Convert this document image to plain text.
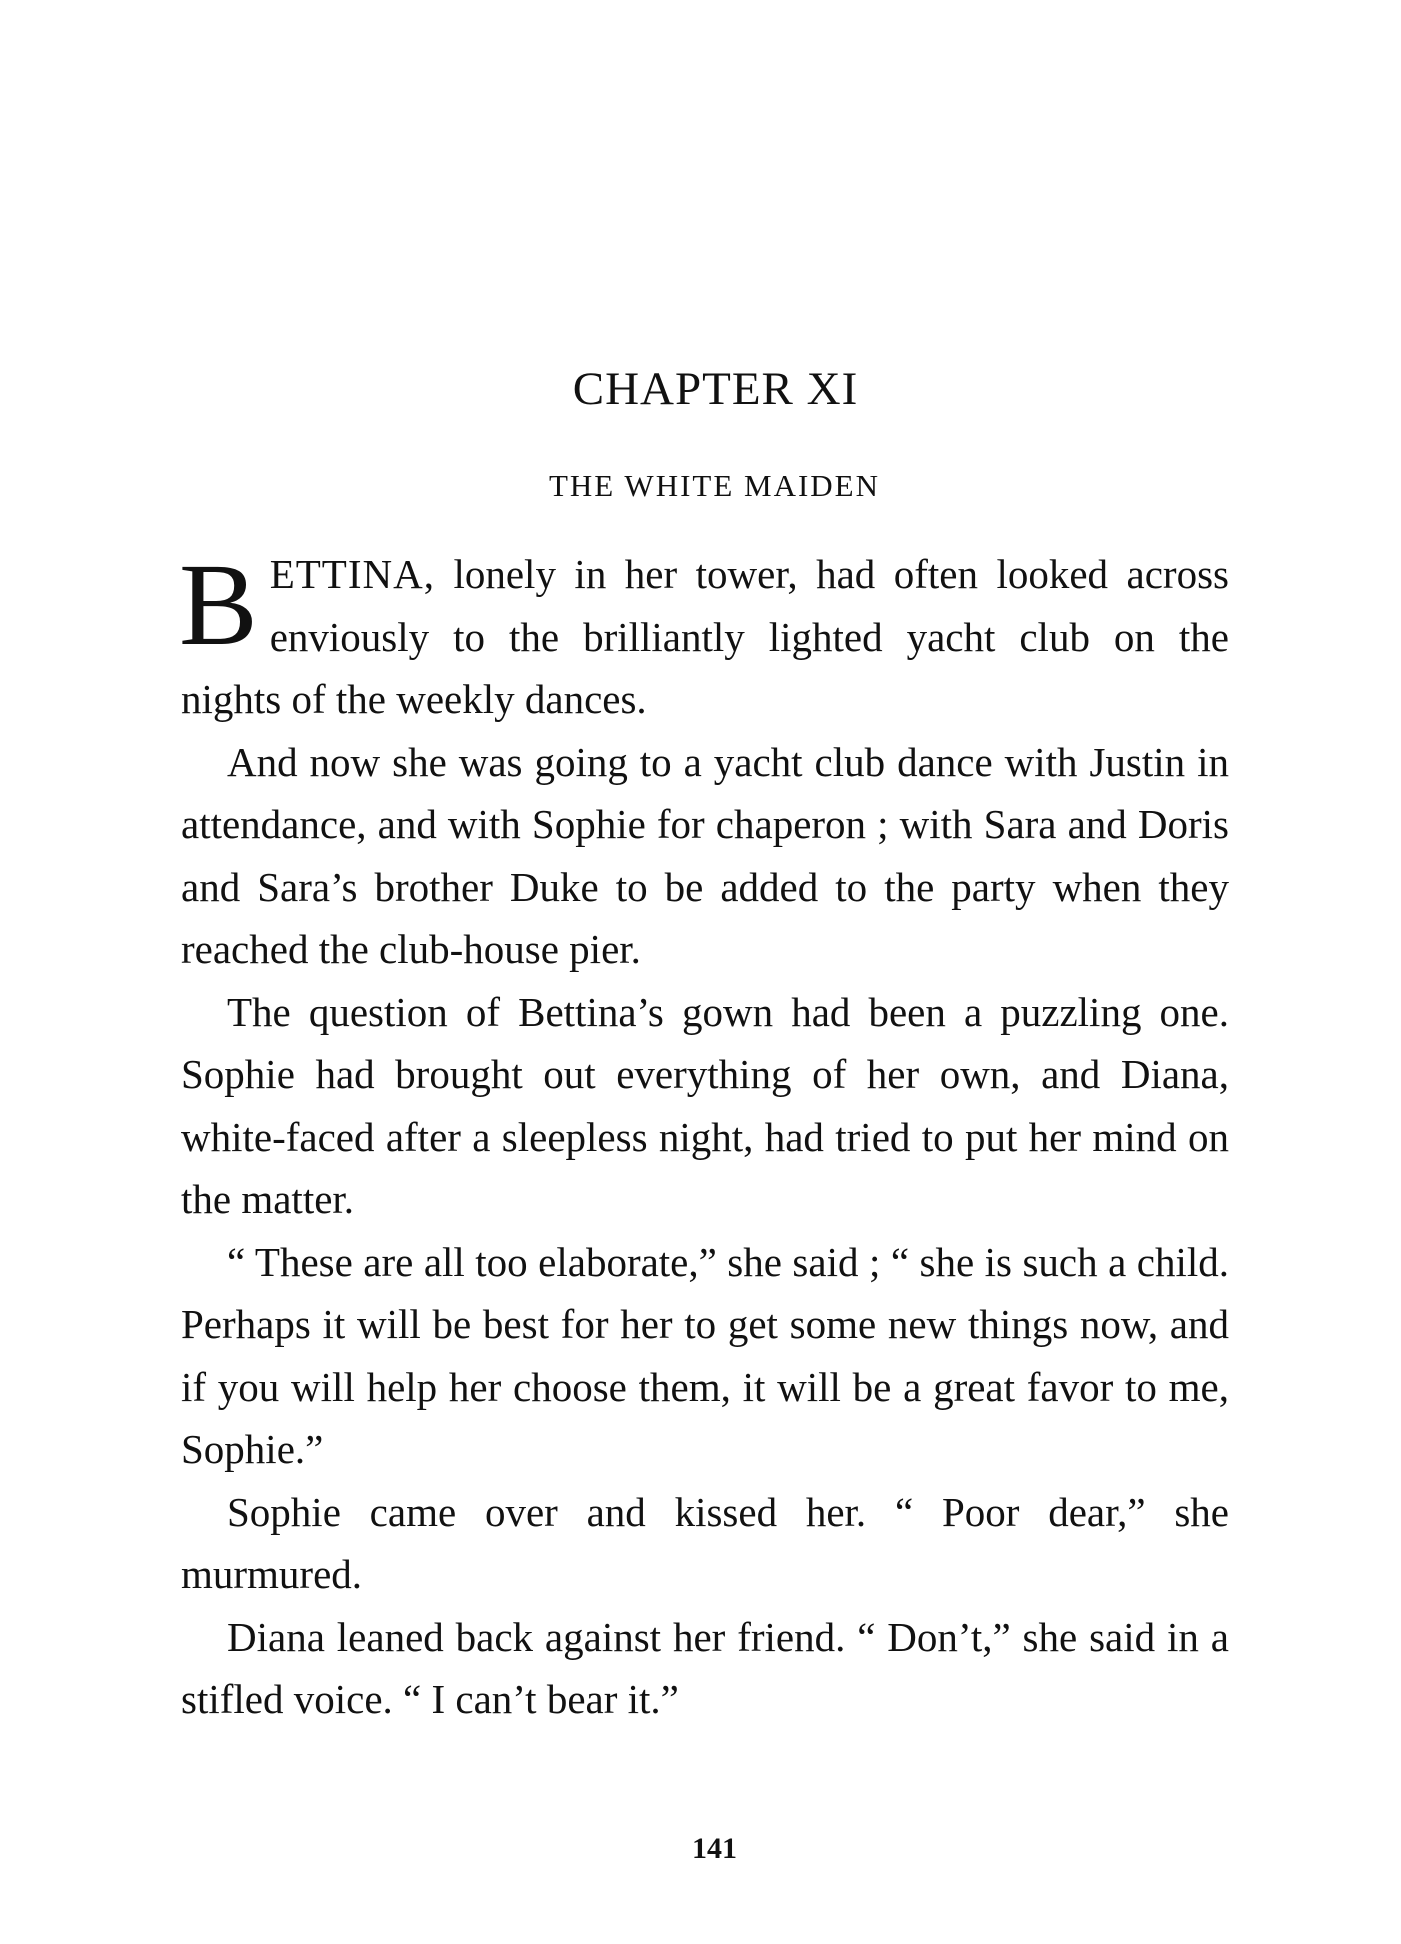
CHAPTER XI
THE WHITE MAIDEN

BETTINA, lonely in her tower, had often looked across enviously to the brilliantly lighted yacht club on the nights of the weekly dances.

And now she was going to a yacht club dance with Justin in attendance, and with Sophie for chaperon ; with Sara and Doris and Sara’s brother Duke to be added to the party when they reached the club-house pier.

The question of Bettina’s gown had been a puzzling one. Sophie had brought out everything of her own, and Diana, white-faced after a sleepless night, had tried to put her mind on the matter.

“ These are all too elaborate,” she said ; “ she is such a child. Perhaps it will be best for her to get some new things now, and if you will help her choose them, it will be a great favor to me, Sophie.”

Sophie came over and kissed her. “ Poor dear,” she murmured.

Diana leaned back against her friend. “ Don’t,” she said in a stifled voice. “ I can’t bear it.”

141
